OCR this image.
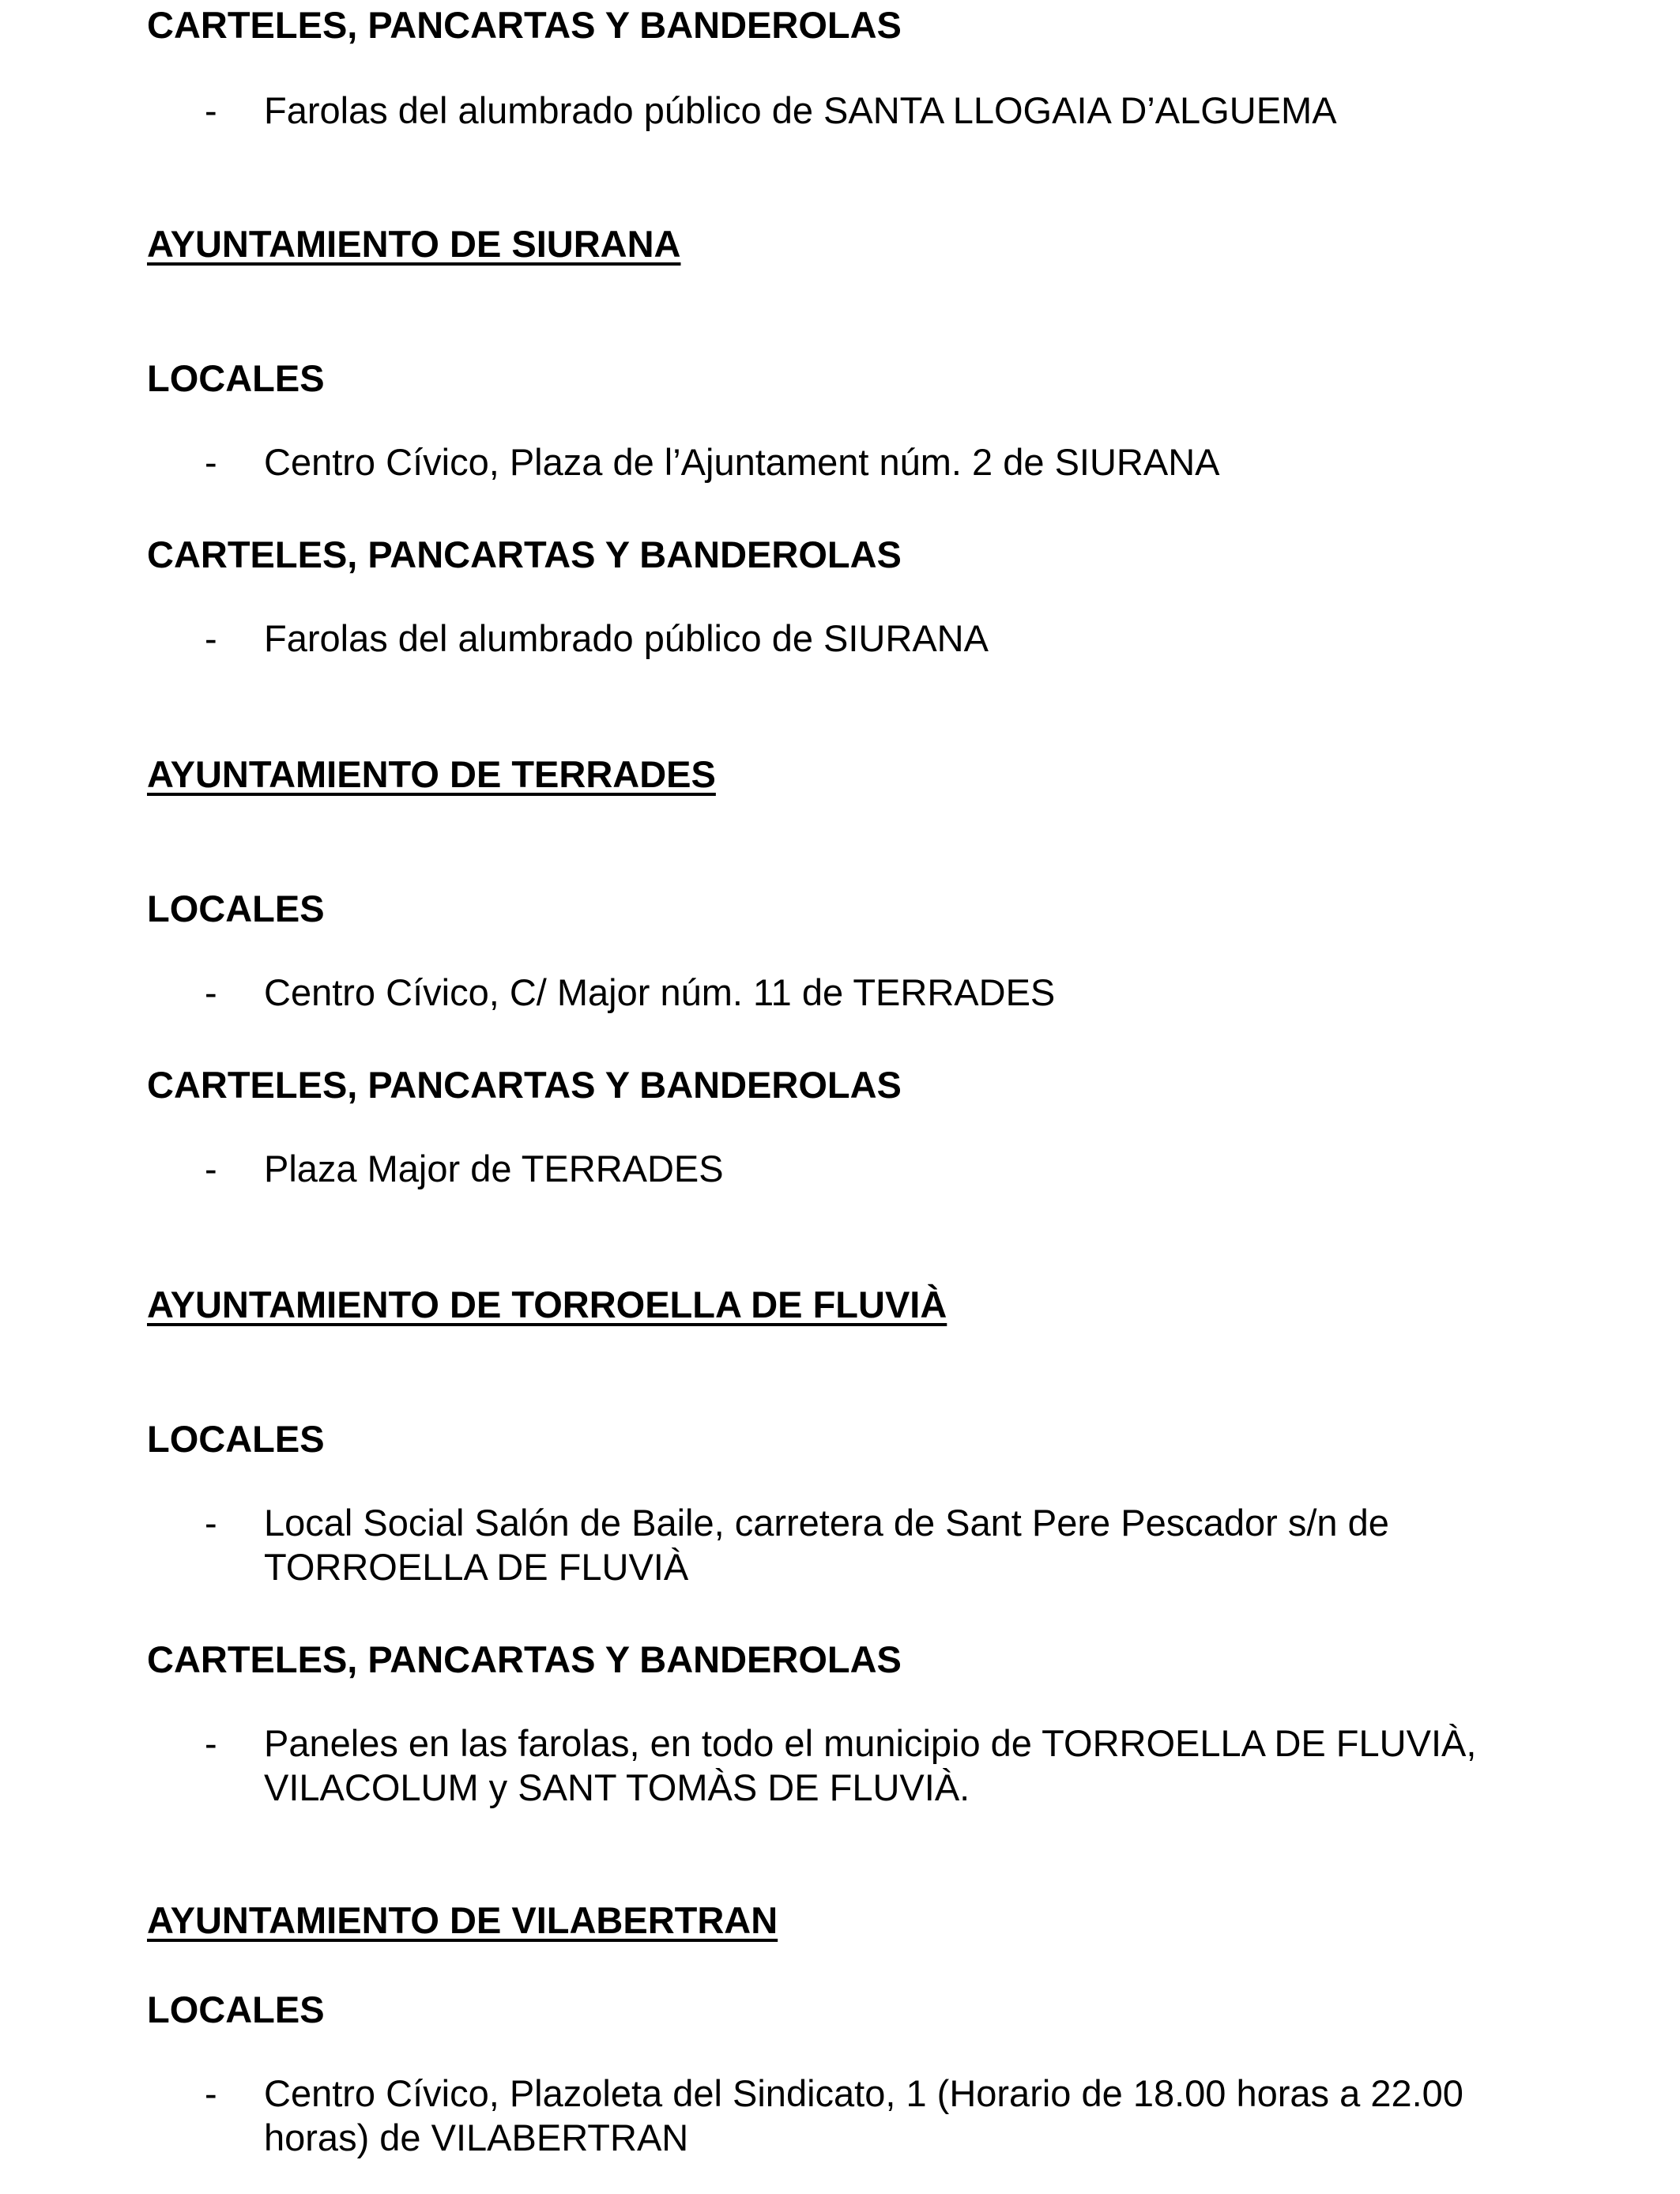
CARTELES, PANCARTAS Y BANDEROLAS
- Farolas del alumbrado público de SANTA LLOGAIA D’ALGUEMA
AYUNTAMIENTO DE SIURANA
LOCALES
- Centro Cívico, Plaza de l’Ajuntament núm. 2 de SIURANA
CARTELES, PANCARTAS Y BANDEROLAS
- Farolas del alumbrado público de SIURANA
AYUNTAMIENTO DE TERRADES
LOCALES
- Centro Cívico, C/ Major núm. 11 de TERRADES
CARTELES, PANCARTAS Y BANDEROLAS
- Plaza Major de TERRADES
AYUNTAMIENTO DE TORROELLA DE FLUVIÀ
LOCALES
- Local Social Salón de Baile, carretera de Sant Pere Pescador s/n de TORROELLA DE FLUVIÀ
CARTELES, PANCARTAS Y BANDEROLAS
- Paneles en las farolas, en todo el municipio de TORROELLA DE FLUVIÀ, VILACOLUM y SANT TOMÀS DE FLUVIÀ.
AYUNTAMIENTO DE VILABERTRAN
LOCALES
- Centro Cívico, Plazoleta del Sindicato, 1 (Horario de 18.00 horas a 22.00 horas) de VILABERTRAN
